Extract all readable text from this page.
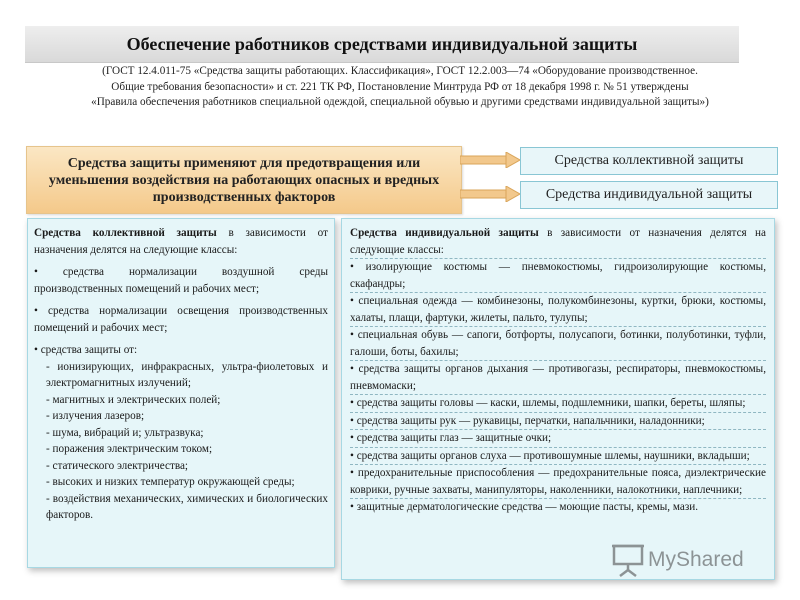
Обеспечение работников средствами индивидуальной защиты
(ГОСТ 12.4.011-75 «Средства защиты работающих. Классификация», ГОСТ 12.2.003—74 «Оборудование производственное.
Общие требования безопасности» и ст. 221 ТК РФ, Постановление Минтруда РФ от 18 декабря 1998 г. № 51 утверждены
«Правила обеспечения работников специальной одеждой, специальной обувью и другими средствами индивидуальной защиты»)
Средства защиты применяют для предотвращения или уменьшения воздействия на работающих опасных и вредных производственных факторов
Средства коллективной защиты
Средства индивидуальной защиты

Средства коллективной защиты в зависимости от назначения делятся на следующие классы:

• средства нормализации воздушной среды производственных помещений и рабочих мест;

• средства нормализации освещения производственных помещений и рабочих мест;

• средства защиты от:

- ионизирующих, инфракрасных, ультра-фиолетовых и электромагнитных излучений;

- магнитных и электрических полей;

- излучения лазеров;

- шума, вибраций и; ультразвука;

- поражения электрическим током;

- статического электричества;

- высоких и низких температур окружающей среды;

- воздействия механических, химических и биологических факторов.

Средства индивидуальной защиты в зависимости от назначения делятся на следующие классы:

• изолирующие костюмы — пневмокостюмы, гидроизолирующие костюмы, скафандры;

• специальная одежда — комбинезоны, полукомбинезоны, куртки, брюки, костюмы, халаты, плащи, фартуки, жилеты, пальто, тулупы;

• специальная обувь — сапоги, ботфорты, полусапоги, ботинки, полуботинки, туфли, галоши, боты, бахилы;

• средства защиты органов дыхания — противогазы, респираторы, пневмокостюмы, пневмомаски;

• средства защиты головы — каски, шлемы, подшлемники, шапки, береты, шляпы;

• средства защиты рук — рукавицы, перчатки, напальчники, наладонники;

• средства защиты глаз — защитные очки;

• средства защиты органов слуха — противошумные шлемы, наушники, вкладыши;

• предохранительные приспособления — предохранительные пояса, диэлектрические коврики, ручные захваты, манипуляторы, наколенники, налокотники, наплечники;

• защитные дерматологические средства — моющие пасты, кремы, мази.

MyShared
